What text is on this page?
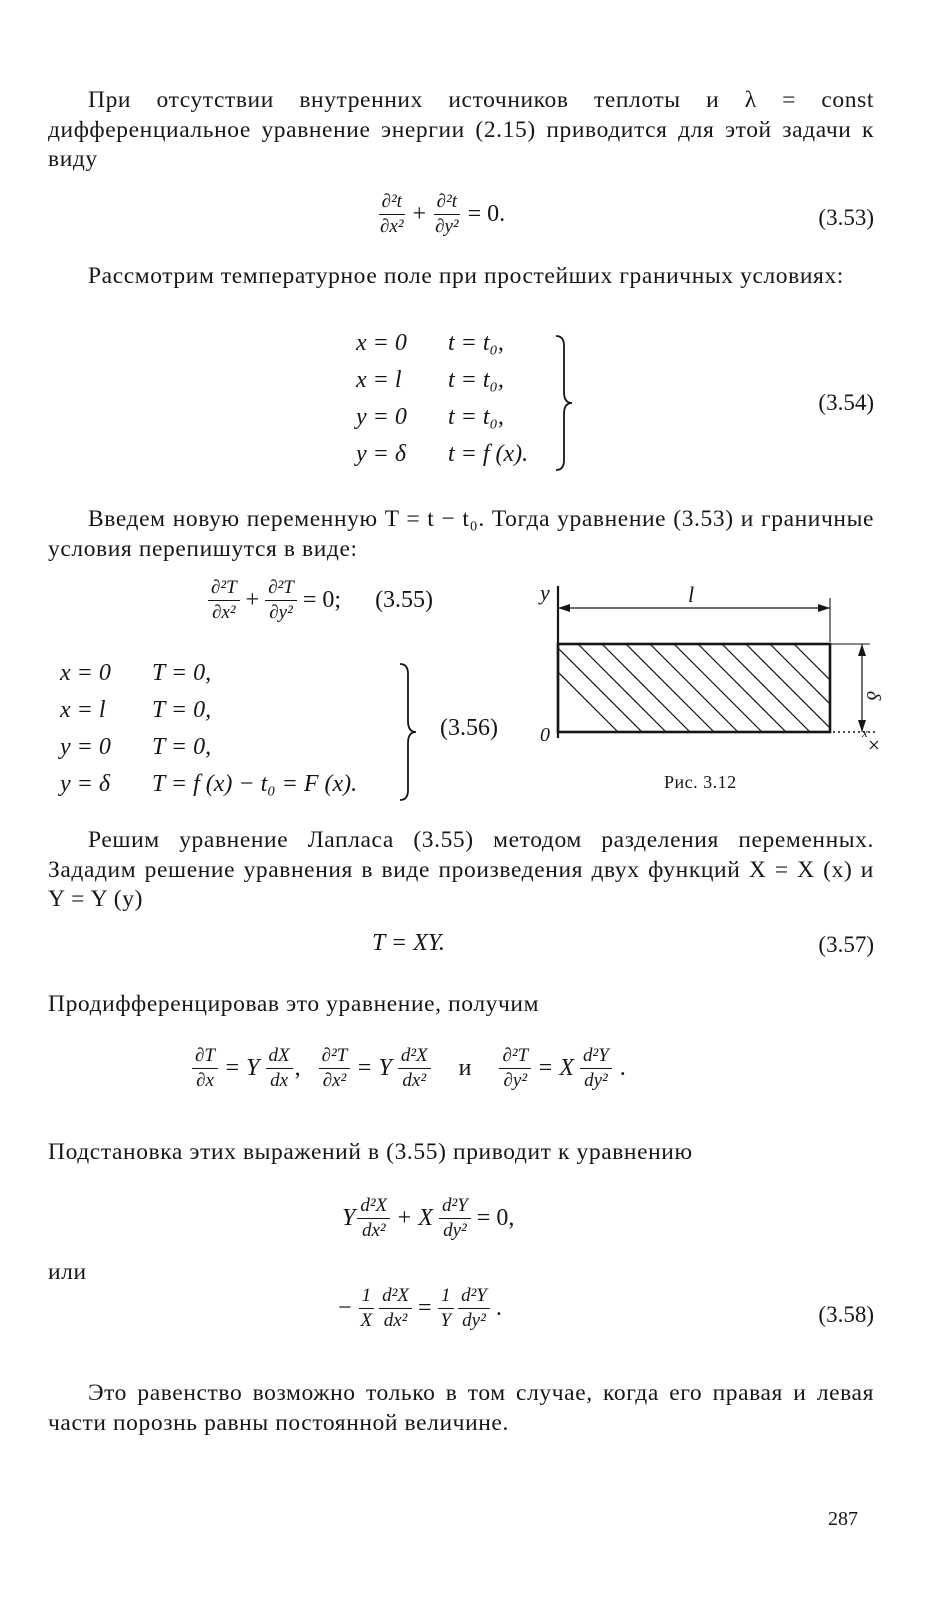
При отсутствии внутренних источников теплоты и λ = const дифференциальное уравнение энергии (2.15) приводится для этой задачи к виду

$\frac{\text{∂²t}}{\text{∂x²}} + \frac{\text{∂²t}}{\text{∂y²}} = 0$.	(3.53)

Рассмотрим температурное поле при простейших граничных условиях:

x = 0 t = t₀,
x = l t = t₀,
y = 0 t = t₀,
y = δ t = f (x).
(3.54)

Введем новую переменную T = t − t₀. Тогда уравнение (3.53) и граничные условия перепишутся в виде:

$\frac{\text{∂²T}}{\text{∂x²}} + \frac{\text{∂²T}}{\text{∂y²}} = 0$; (3.55)
x = 0 T = 0,
x = l T = 0,
y = 0 T = 0,
y = δ T = f (x) − t₀ = F (x).
(3.56)
y	l
δ
0	x
Рис. 3.12

Решим уравнение Лапласа (3.55) методом разделения переменных. Зададим решение уравнения в виде произведения двух функций X = X (x) и Y = Y (y)

T = XY.	(3.57)

Продифференцировав это уравнение, получим

$\frac{\partial T}{\partial x} = Y \frac{dX}{dx}$ , $\frac{\text{∂²T}}{\text{∂x²}} = Y \frac{\text{d²X}}{\text{dx²}}$ и $\frac{\text{∂²T}}{\text{∂y²}} = X \frac{\text{d²Y}}{\text{dy²}}$ .

Подстановка этих выражений в (3.55) приводит к уравнению

Y $\frac{\text{d²X}}{\text{dx²}} + X \frac{\text{d²Y}}{\text{dy²}} = 0$,

или

− $\frac{1}{X} \frac{\text{d²X}}{\text{dx²}} = \frac{1}{Y} \frac{\text{d²Y}}{\text{dy²}}$ .	(3.58)

Это равенство возможно только в том случае, когда его правая и левая части порознь равны постоянной величине.

287
